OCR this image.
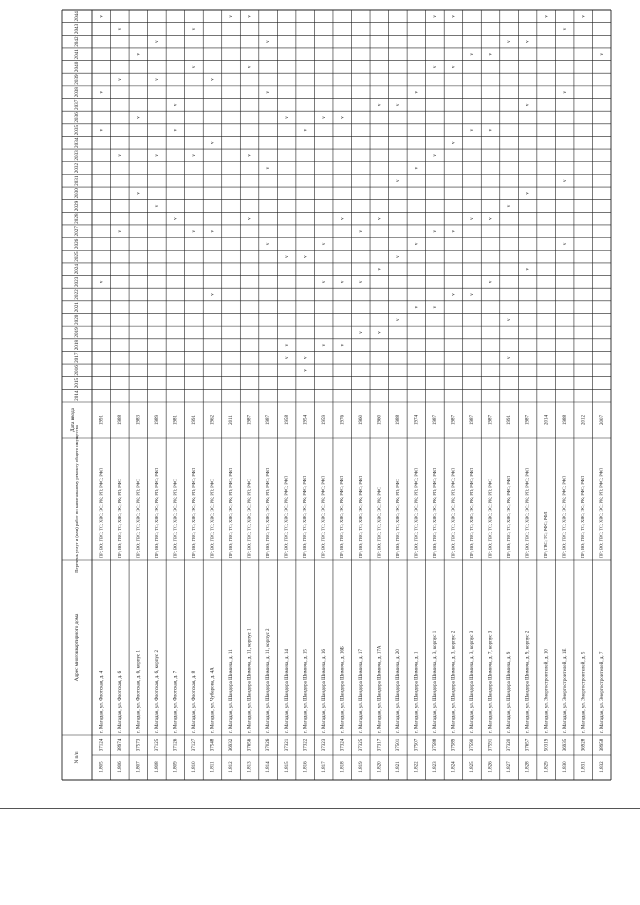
2014
2015
2016
2017
2018
2019
2020
2021
2022
2023
2024
2025
2026
2027
2028
2029
2030
2031
2032
2033
2034
2035
2036
2037
2038
2039
2040
2041
2042
2043
2044
Дата ввода
Перечень услуг и (или) работ по капитальному ремонту общего имущества
Адрес многоквартирного дома
N п/п
1.805
37124
г. Магадан, ул. Флотская, д. 4
ПР; ВО; ГВС; ТС; ХВС; ЭС; РК; РП; РФС; РФЛ
1991
v
v
v
v
1.806
38974
г. Магадан, ул. Флотская, д. 6
ПР; ВО; ГВС; ТС; ХВС; ЭС; РК; РП; РФС
1988
v
v
v
v
1.807
37573
г. Магадан, ул. Флотская, д. 6, корпус 1
ПР; ВО; ГВС; ТС; ХВС; ЭС; РК; РП; РФС
1983
v
v
v
1.808
37125
г. Магадан, ул. Флотская, д. 6, корпус 2
ПР; ВО; ГВС; ТС; ХВС; ЭС; РК; РП; РФС; РФЛ
1989
v
v
v
v
1.809
37126
г. Магадан, ул. Флотская, д. 7
ПР; ВО; ГВС; ТС; ХВС; ЭС; РК; РП; РФС
1981
v
v
v
1.810
37127
г. Магадан, ул. Флотская, д. 8
ПР; ВО; ГВС; ТС; ХВС; ЭС; РК; РП; РФС; РФЛ
1991
v
v
v
v
1.811
37548
г. Магадан, ул. Чубарова, д. 4А
ПР; ВО; ГВС; ТС; ХВС; ЭС; РК; РП; РФС
1962
v
v
v
v
1.812
36932
г. Магадан, ул. Шандора Шимича, д. 11
ПР; ВО; ГВС; ТС; ХВС; ЭС; РК; РП; РФС; РФЛ
2011
v
1.813
37656
г. Магадан, ул. Шандора Шимича, д. 11, корпус 1
ПР; ВО; ГВС; ТС; ХВС; ЭС; РК; РП; РФС
1987
v
v
v
v
1.814
37026
г. Магадан, ул. Шандора Шимича, д. 11, корпус 2
ПР; ВО; ГВС; ТС; ХВС; ЭС; РК; РП; РФС; РФЛ
1987
v
v
v
v
1.815
37321
г. Магадан, ул. Шандора Шимича, д. 14
ПР; ВО; ГВС; ТС; ХВС; ЭС; РК; РФС; РФЛ
1958
v
v
v
v
1.816
37322
г. Магадан, ул. Шандора Шимича, д. 15
ПР; ВО; ГВС; ТС; ХВС; ЭС; РК; РФС; РФЛ
1954
v
v
v
v
1.817
37323
г. Магадан, ул. Шандора Шимича, д. 16
ПР; ВО; ГВС; ТС; ХВС; ЭС; РК; РФС; РФЛ
1959
v
v
v
v
1.818
37324
г. Магадан, ул. Шандора Шимича, д. 16Б
ПР; ВО; ГВС; ТС; ХВС; ЭС; РК; РФС; РФЛ
1976
v
v
v
v
1.819
37325
г. Магадан, ул. Шандора Шимича, д. 17
ПР; ВО; ГВС; ТС; ХВС; ЭС; РК; РФС; РФЛ
1960
v
v
v
1.820
37317
г. Магадан, ул. Шандора Шимича, д. 17А
ПР; ВО; ГВС; ТС; ХВС; ЭС; РК; РФС
1960
v
v
v
v
1.821
37501
г. Магадан, ул. Шандора Шимича, д. 20
ПР; ВО; ГВС; ТС; ХВС; ЭС; РК; РП; РФС
1988
v
v
v
v
1.822
37507
г. Магадан, ул. Шандора Шимича, д. 1
ПР; ВО; ГВС; ТС; ХВС; ЭС; РК; РП; РФС; РФЛ
1974
v
v
v
v
1.823
37588
г. Магадан, ул. Шандора Шимича, д. 3, корпус 1
ПР; ВО; ГВС; ТС; ХВС; ЭС; РК; РП; РФС; РФЛ
1987
v
v
v
v
v
1.824
37589
г. Магадан, ул. Шандора Шимича, д. 3, корпус 2
ПР; ВО; ГВС; ТС; ХВС; ЭС; РК; РП; РФС; РФЛ
1987
v
v
v
v
v
1.825
37590
г. Магадан, ул. Шандора Шимича, д. 3, корпус 3
ПР; ВО; ГВС; ТС; ХВС; ЭС; РК; РП; РФС; РФЛ
1987
v
v
v
v
1.826
37591
г. Магадан, ул. Шандора Шимича, д. 7, корпус 3
ПР; ВО; ГВС; ТС; ХВС; ЭС; РК; РП; РФС
1987
v
v
v
v
1.827
37320
г. Магадан, ул. Шандора Шимича, д. 9
ПР; ВО; ГВС; ТС; ХВС; ЭС; РК; РФС; РФЛ
1991
v
v
v
v
1.828
37657
г. Магадан, ул. Шандора Шимича, д. 9, корпус 2
ПР; ВО; ГВС; ТС; ХВС; ЭС; РК; РП; РФС; РФЛ
1987
v
v
v
v
1.829
50319
г. Магадан, ул. Энергостроителей, д. 10
ПР; ГВС; ТС; РФС; РФЛ
2014
v
1.830
36935
г. Магадан, ул. Энергостроителей, д. 1Е
ПР; ВО; ГВС; ТС; ХВС; ЭС; РК; РФС; РФЛ
1988
v
v
v
v
1.831
36928
г. Магадан, ул. Энергостроителей, д. 5
ПР; ВО; ГВС; ТС; ХВС; ЭС; РК; РФС; РФЛ
2012
v
1.832
38958
г. Магадан, ул. Энергостроителей, д. 7
ПР; ВО; ГВС; ТС; ХВС; ЭС; РК; РП; РФС; РФЛ
2007
v
